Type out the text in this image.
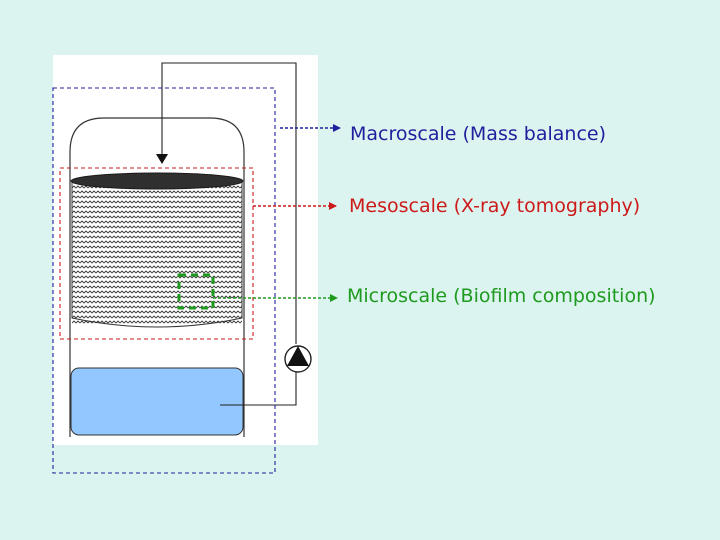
Macroscale (Mass balance)
Mesoscale (X-ray tomography)
Microscale (Biofilm composition)
